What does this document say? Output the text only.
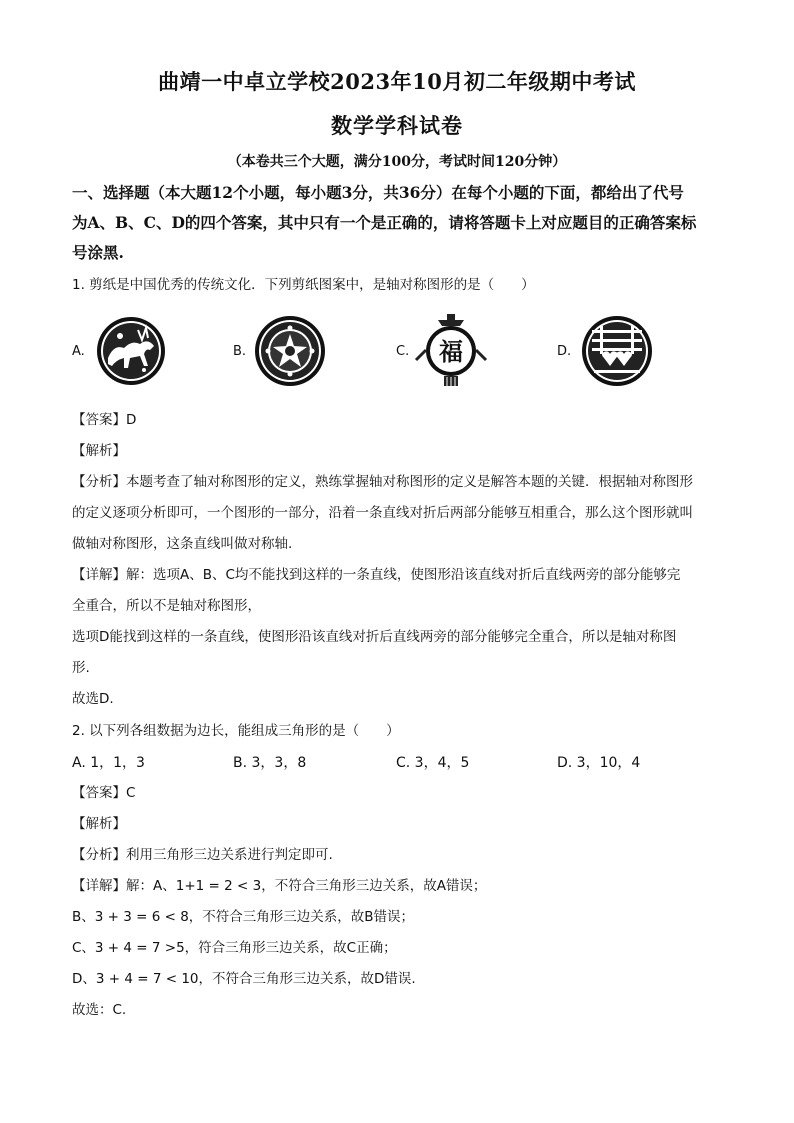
曲靖一中卓立学校2023年10月初二年级期中考试
数学学科试卷
（本卷共三个大题，满分100分，考试时间120分钟）
一、选择题（本大题12个小题，每小题3分，共36分）在每个小题的下面，都给出了代号
为A、B、C、D的四个答案，其中只有一个是正确的，请将答题卡上对应题目的正确答案标
号涂黑.
1. 剪纸是中国优秀的传统文化．下列剪纸图案中，是轴对称图形的是（　　）
A.	B.	C.	D.
福
【答案】D
【解析】
【分析】本题考查了轴对称图形的定义，熟练掌握轴对称图形的定义是解答本题的关键．根据轴对称图形
的定义逐项分析即可，一个图形的一部分，沿着一条直线对折后两部分能够互相重合，那么这个图形就叫
做轴对称图形，这条直线叫做对称轴.
【详解】解：选项A、B、C均不能找到这样的一条直线，使图形沿该直线对折后直线两旁的部分能够完
全重合，所以不是轴对称图形，
选项D能找到这样的一条直线，使图形沿该直线对折后直线两旁的部分能够完全重合，所以是轴对称图
形.
故选D.
2. 以下列各组数据为边长，能组成三角形的是（　　）
A. 1，1，3	B. 3，3，8	C. 3，4，5	D. 3，10，4
【答案】C
【解析】
【分析】利用三角形三边关系进行判定即可.
【详解】解：A、1+1 = 2 < 3，不符合三角形三边关系，故A错误；
B、3 + 3 = 6 < 8，不符合三角形三边关系，故B错误；
C、3 + 4 = 7 >5，符合三角形三边关系，故C正确；
D、3 + 4 = 7 < 10，不符合三角形三边关系，故D错误.
故选：C.
